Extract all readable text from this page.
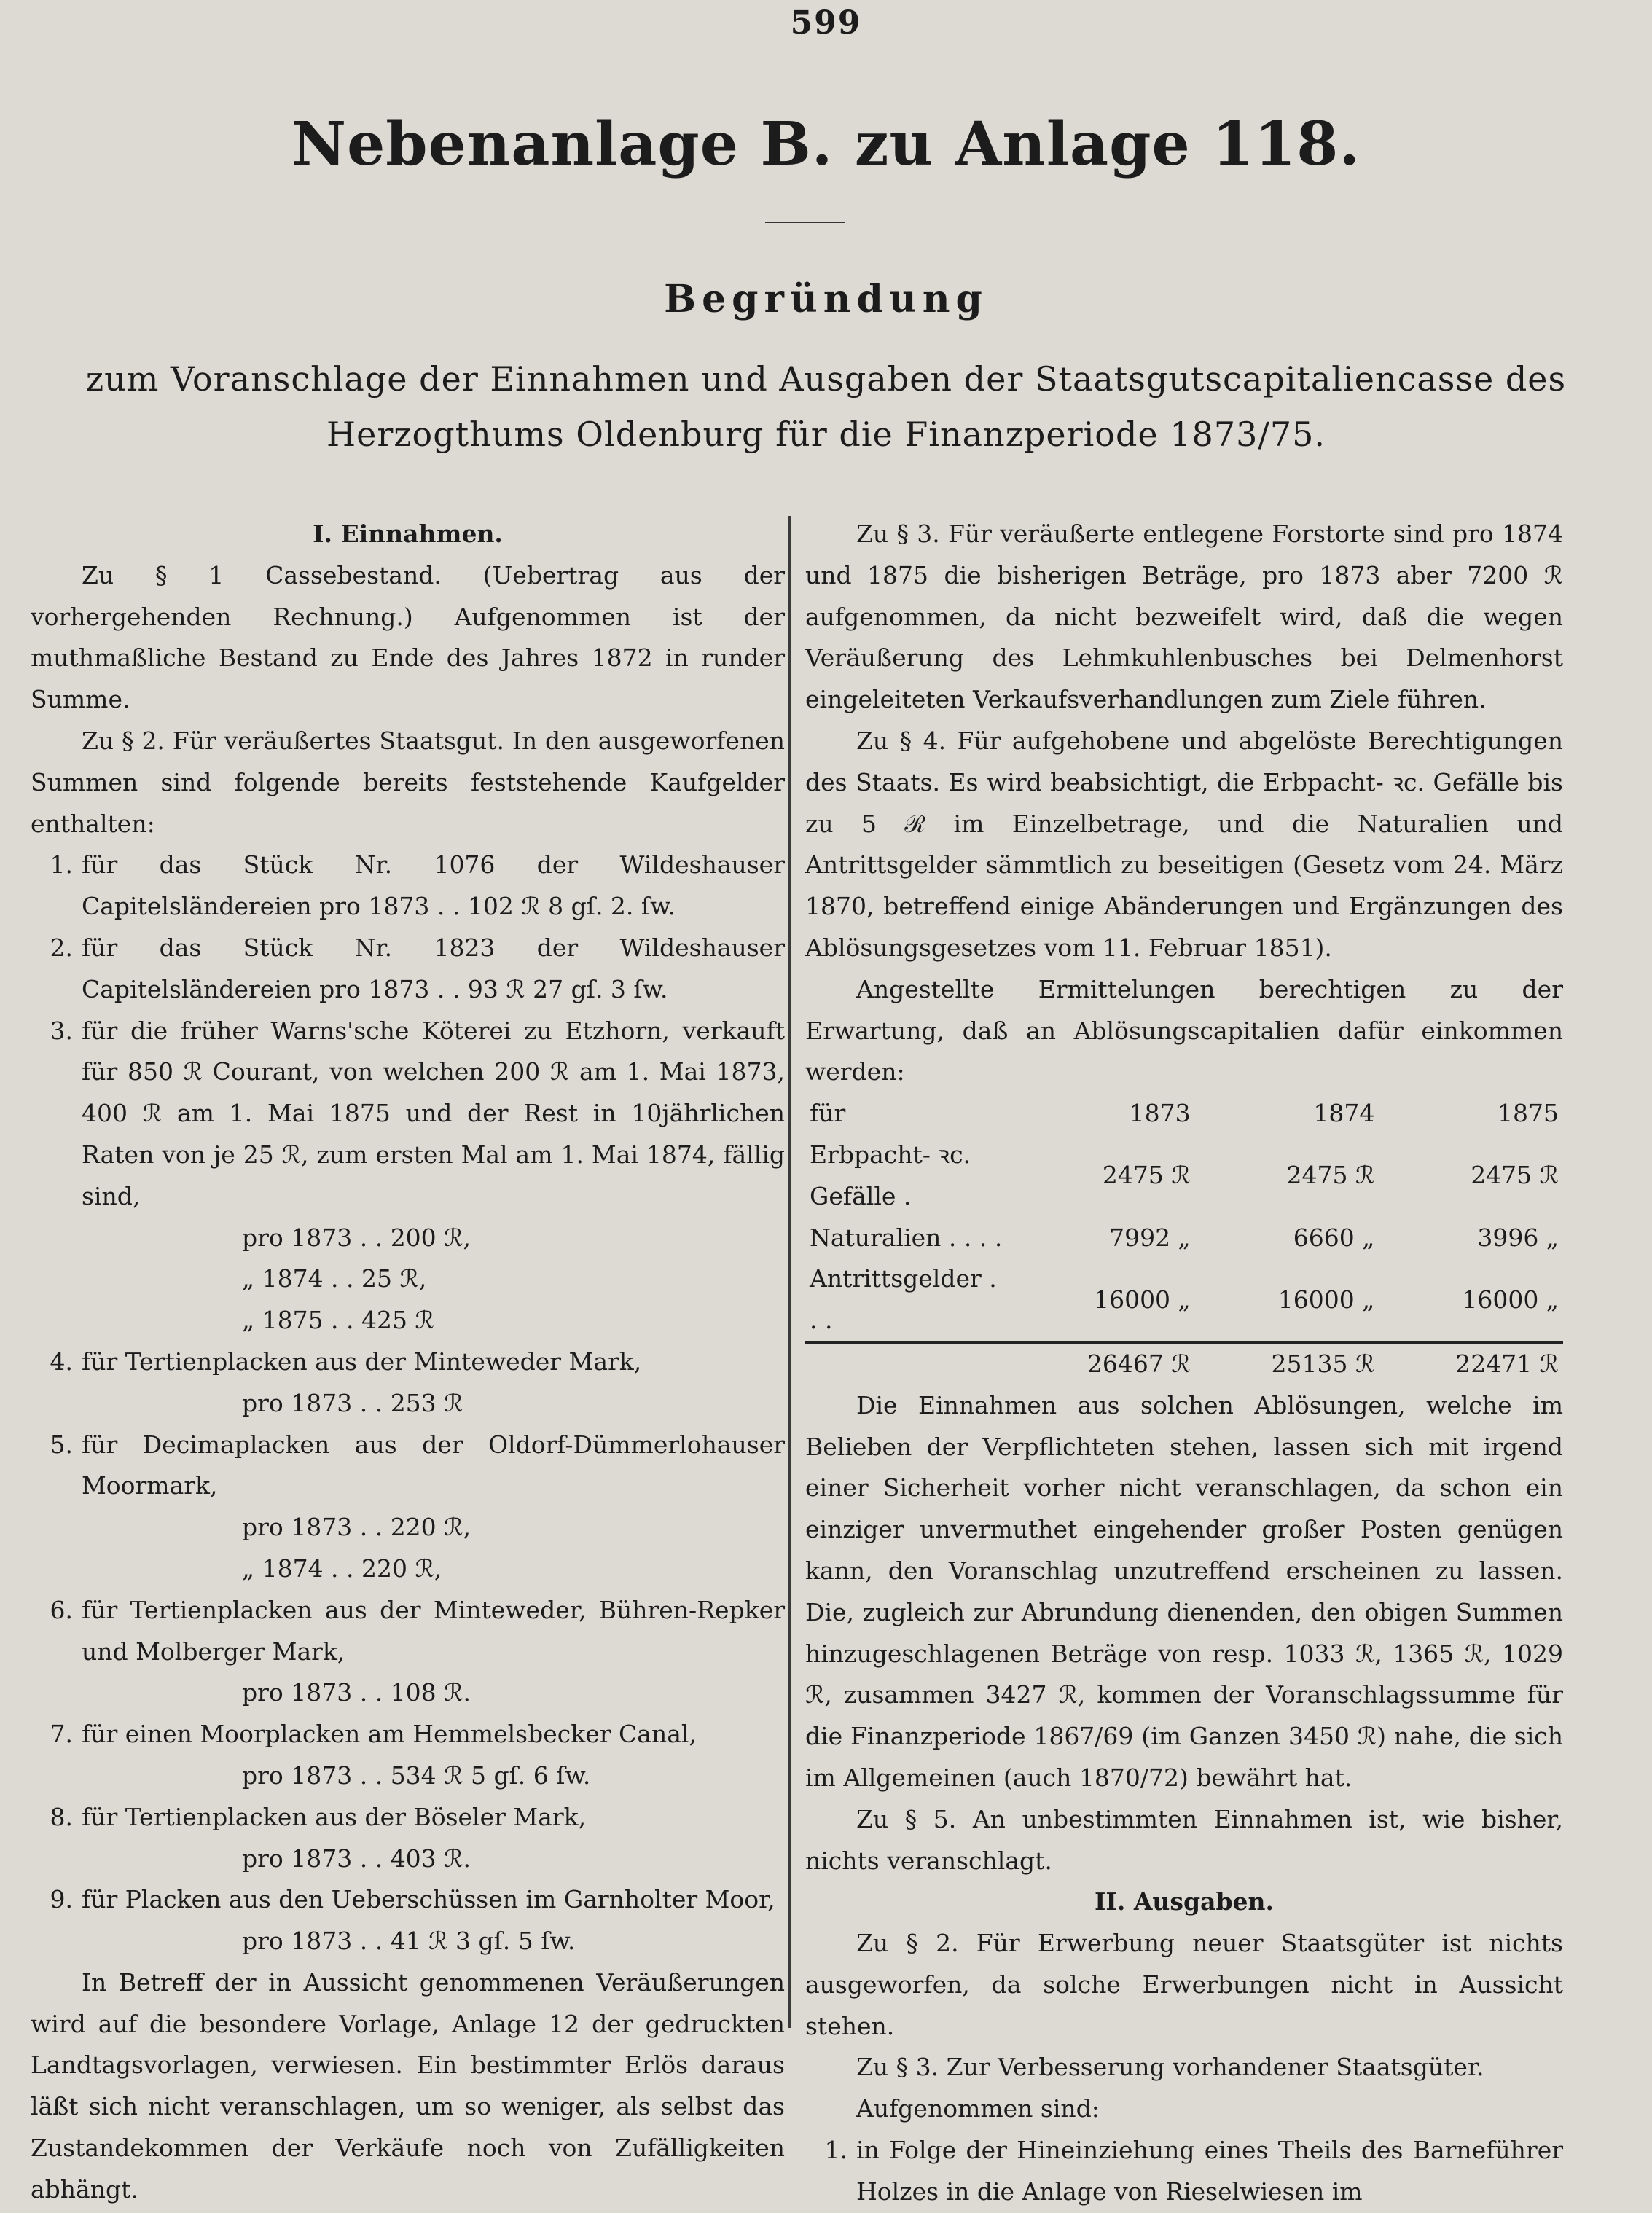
599
Nebenanlage B. zu Anlage 118.
Begründung
zum Voranschlage der Einnahmen und Ausgaben der Staatsgutscapitaliencasse des Herzogthums Oldenburg für die Finanzperiode 1873/75.
I. Einnahmen.

Zu § 1 Cassebestand. (Uebertrag aus der vorhergehenden Rechnung.) Aufgenommen ist der muthmaßliche Bestand zu Ende des Jahres 1872 in runder Summe.

Zu § 2. Für veräußertes Staatsgut. In den ausgeworfenen Summen sind folgende bereits feststehende Kaufgelder enthalten:

1. für das Stück Nr. 1076 der Wildeshauser Capitelsländereien pro 1873 . . 102 ℛ 8 gſ. 2. ſw.
2. für das Stück Nr. 1823 der Wildeshauser Capitelsländereien pro 1873 . . 93 ℛ 27 gſ. 3 ſw.
3. für die früher Warns'sche Köterei zu Etzhorn, verkauft für 850 ℛ Courant, von welchen 200 ℛ am 1. Mai 1873, 400 ℛ am 1. Mai 1875 und der Rest in 10jährlichen Raten von je 25 ℛ, zum ersten Mal am 1. Mai 1874, fällig sind,
pro 1873 . . 200 ℛ,
„ 1874 . . 25 ℛ,
„ 1875 . . 425 ℛ
4. für Tertienplacken aus der Minteweder Mark,
pro 1873 . . 253 ℛ
5. für Decimaplacken aus der Oldorf-Dümmerlohauser Moormark,
pro 1873 . . 220 ℛ,
„ 1874 . . 220 ℛ,
6. für Tertienplacken aus der Minteweder, Bühren-Repker und Molberger Mark,
pro 1873 . . 108 ℛ.
7. für einen Moorplacken am Hemmelsbecker Canal,
pro 1873 . . 534 ℛ 5 gſ. 6 ſw.
8. für Tertienplacken aus der Böseler Mark,
pro 1873 . . 403 ℛ.
9. für Placken aus den Ueberschüssen im Garnholter Moor,
pro 1873 . . 41 ℛ 3 gſ. 5 ſw.

In Betreff der in Aussicht genommenen Veräußerungen wird auf die besondere Vorlage, Anlage 12 der gedruckten Landtagsvorlagen, verwiesen. Ein bestimmter Erlös daraus läßt sich nicht veranschlagen, um so weniger, als selbst das Zustandekommen der Verkäufe noch von Zufälligkeiten abhängt.

Zu § 3. Für veräußerte entlegene Forstorte sind pro 1874 und 1875 die bisherigen Beträge, pro 1873 aber 7200 ℛ aufgenommen, da nicht bezweifelt wird, daß die wegen Veräußerung des Lehmkuhlenbusches bei Delmenhorst eingeleiteten Verkaufsverhandlungen zum Ziele führen.

Zu § 4. Für aufgehobene und abgelöste Berechtigungen des Staats. Es wird beabsichtigt, die Erbpacht- ꝛc. Gefälle bis zu 5 ℛ im Einzelbetrage, und die Naturalien und Antrittsgelder sämmtlich zu beseitigen (Gesetz vom 24. März 1870, betreffend einige Abänderungen und Ergänzungen des Ablösungsgesetzes vom 11. Februar 1851).

Angestellte Ermittelungen berechtigen zu der Erwartung, daß an Ablösungscapitalien dafür einkommen werden:

für	1873	1874	1875
Erbpacht- ꝛc. Gefälle .	2475 ℛ	2475 ℛ	2475 ℛ
Naturalien . . . .	7992 „	6660 „	3996 „
Antrittsgelder . . .	16000 „	16000 „	16000 „
	26467 ℛ	25135 ℛ	22471 ℛ

Die Einnahmen aus solchen Ablösungen, welche im Belieben der Verpflichteten stehen, lassen sich mit irgend einer Sicherheit vorher nicht veranschlagen, da schon ein einziger unvermuthet eingehender großer Posten genügen kann, den Voranschlag unzutreffend erscheinen zu lassen. Die, zugleich zur Abrundung dienenden, den obigen Summen hinzugeschlagenen Beträge von resp. 1033 ℛ, 1365 ℛ, 1029 ℛ, zusammen 3427 ℛ, kommen der Voranschlagssumme für die Finanzperiode 1867/69 (im Ganzen 3450 ℛ) nahe, die sich im Allgemeinen (auch 1870/72) bewährt hat.

Zu § 5. An unbestimmten Einnahmen ist, wie bisher, nichts veranschlagt.

II. Ausgaben.

Zu § 2. Für Erwerbung neuer Staatsgüter ist nichts ausgeworfen, da solche Erwerbungen nicht in Aussicht stehen.

Zu § 3. Zur Verbesserung vorhandener Staatsgüter.

Aufgenommen sind:

1. in Folge der Hineinziehung eines Theils des Barneführer Holzes in die Anlage von Rieselwiesen im
